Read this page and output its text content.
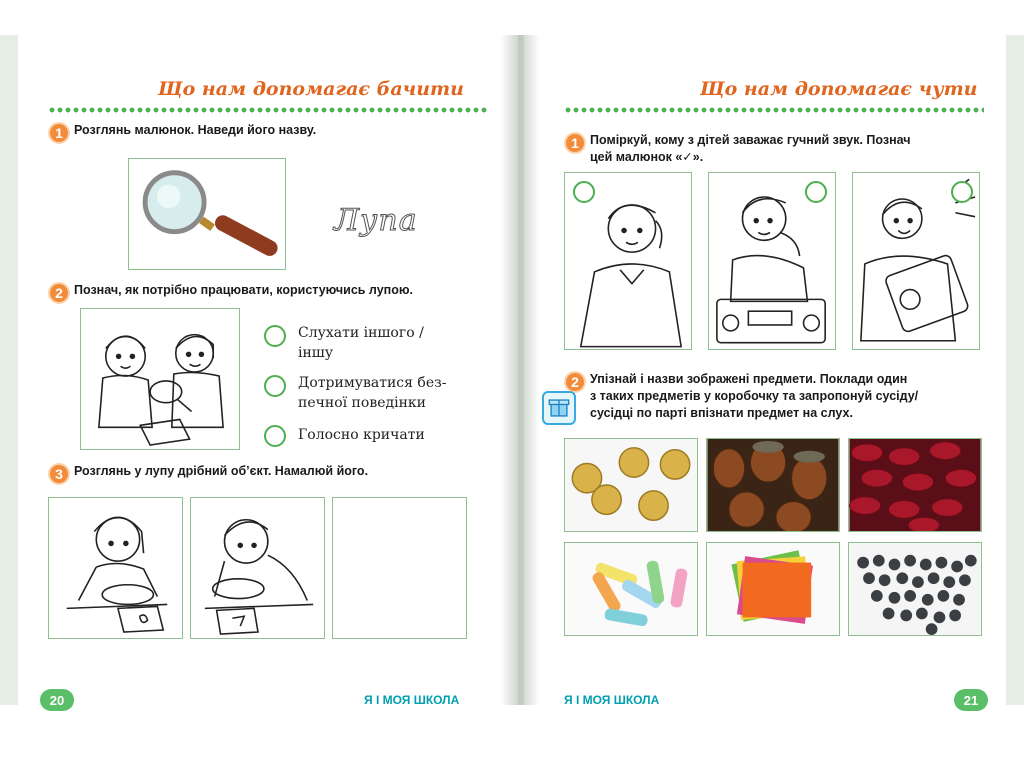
Що нам допомагає бачити
1 Розглянь малюнок. Наведи його назву.
Лупа
2 Познач, як потрібно працювати, користуючись лупою.
Слухати іншого /
іншу
Дотримуватися без-
печної поведінки
Голосно кричати
3 Розглянь у лупу дрібний об’єкт. Намалюй його.
20	Я І МОЯ ШКОЛА
Що нам допомагає чути
1 Поміркуй, кому з дітей заважає гучний звук. Познач
цей малюнок «✓».
2 Упізнай і назви зображені предмети. Поклади один
з таких предметів у коробочку та запропонуй сусіду/
сусідці по парті впізнати предмет на слух.
Я І МОЯ ШКОЛА	21
